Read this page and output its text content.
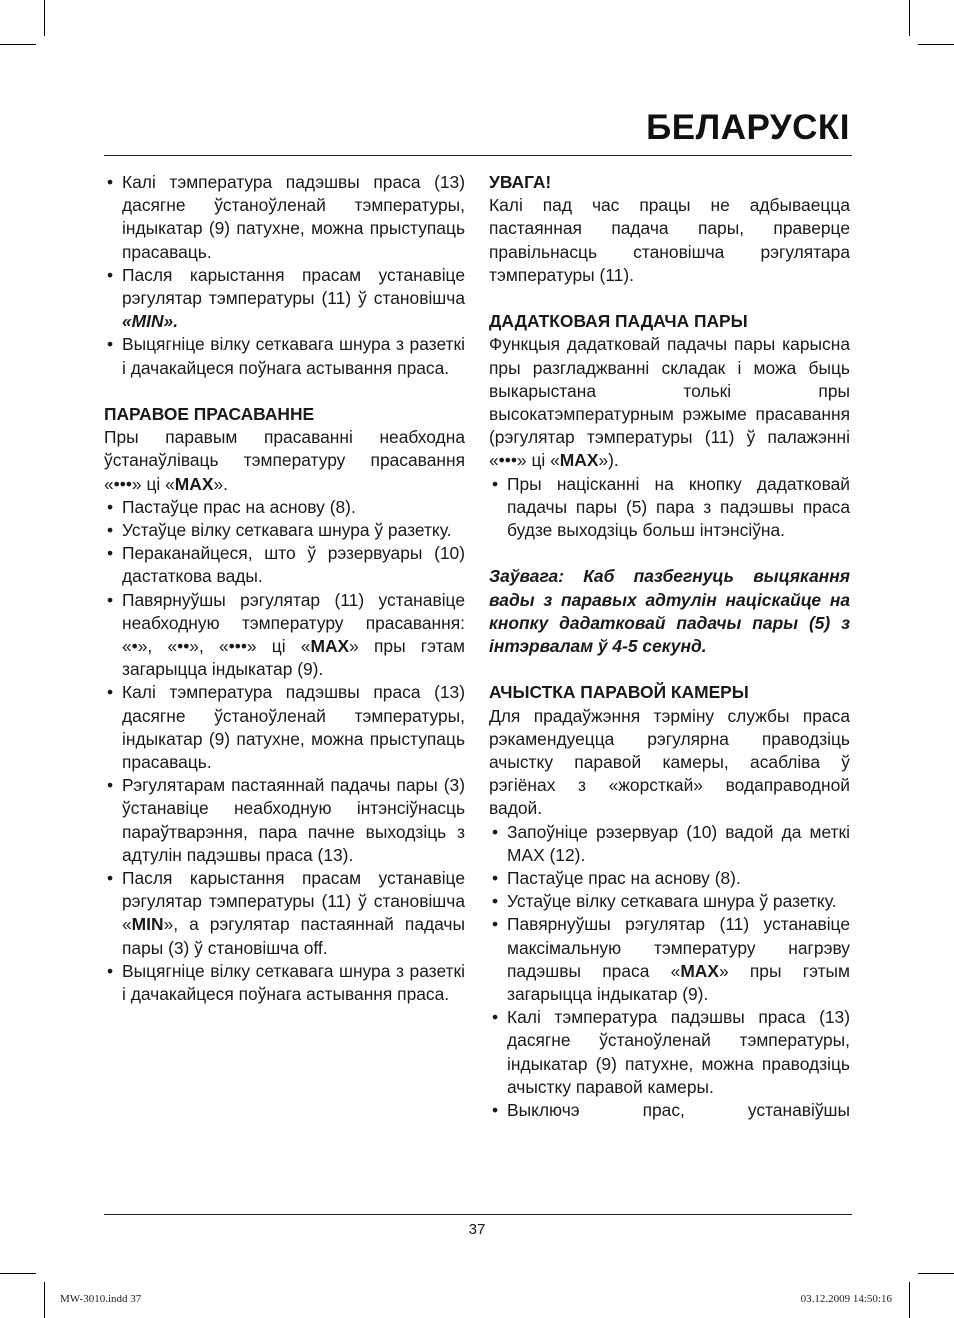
БЕЛАРУСКІ
• Калі тэмпература падэшвы праса (13) дасягне ўстаноўленай тэмпературы, індыкатар (9) патухне, можна прыступаць прасаваць.
• Пасля карыстання прасам устанавіце рэгулятар тэмпературы (11) ў становішча «MIN».
• Выцягніце вілку сеткавага шнура з разеткі і дачакайцеся поўнага астывання праса.
ПАРАВОЕ ПРАСАВАННЕ

Пры паравым прасаванні неабходна ўстанаўліваць тэмпературу прасавання «•••» ці «MAX».

• Пастаўце прас на аснову (8).
• Устаўце вілку сеткавага шнура ў разетку.
• Пераканайцеся, што ў рэзервуары (10) дастаткова вады.
• Павярнуўшы рэгулятар (11) устанавіце неабходную тэмпературу прасавання: «•», «••», «•••» ці «MAX» пры гэтам загарыцца індыкатар (9).
• Калі тэмпература падэшвы праса (13) дасягне ўстаноўленай тэмпературы, індыкатар (9) патухне, можна прыступаць прасаваць.
• Рэгулятарам пастаяннай падачы пары (3) ўстанавіце неабходную інтэнсіўнасць параўтварэння, пара пачне выходзіць з адтулін падэшвы праса (13).
• Пасля карыстання прасам устанавіце рэгулятар тэмпературы (11) ў становішча «MIN», а рэгулятар пастаяннай падачы пары (3) ў становішча off.
• Выцягніце вілку сеткавага шнура з разеткі і дачакайцеся поўнага астывання праса.
УВАГА!

Калі пад час працы не адбываецца пастаянная падача пары, праверце правільнасць становішча рэгулятара тэмпературы (11).

ДАДАТКОВАЯ ПАДАЧА ПАРЫ

Функцыя дадатковай падачы пары карысна пры разгладжванні складак і можа быць выкарыстана толькі пры высокатэмпературным рэжыме прасавання (рэгулятар тэмпературы (11) ў палажэнні «•••» ці «MAX»).

• Пры націсканні на кнопку дадатковай падачы пары (5) пара з падэшвы праса будзе выходзіць больш інтэнсіўна.

Заўвага: Каб пазбегнуць выцякання вады з паравых адтулін націскайце на кнопку дадатковай падачы пары (5) з інтэрвалам ў 4-5 секунд.

АЧЫСТКА ПАРАВОЙ КАМЕРЫ

Для прадаўжэння тэрміну службы праса рэкамендуецца рэгулярна праводзіць ачыстку паравой камеры, асабліва ў рэгіёнах з «жорсткай» водаправодной вадой.

• Запоўніце рэзервуар (10) вадой да меткі MAX (12).
• Пастаўце прас на аснову (8).
• Устаўце вілку сеткавага шнура ў разетку.
• Павярнуўшы рэгулятар (11) устанавіце максімальную тэмпературу нагрэву падэшвы праса «MAX» пры гэтым загарыцца індыкатар (9).
• Калі тэмпература падэшвы праса (13) дасягне ўстаноўленай тэмпературы, індыкатар (9) патухне, можна праводзіць ачыстку паравой камеры.
• Выключэ прас, устанавіўшы
37
MW-3010.indd 37	03.12.2009 14:50:16
